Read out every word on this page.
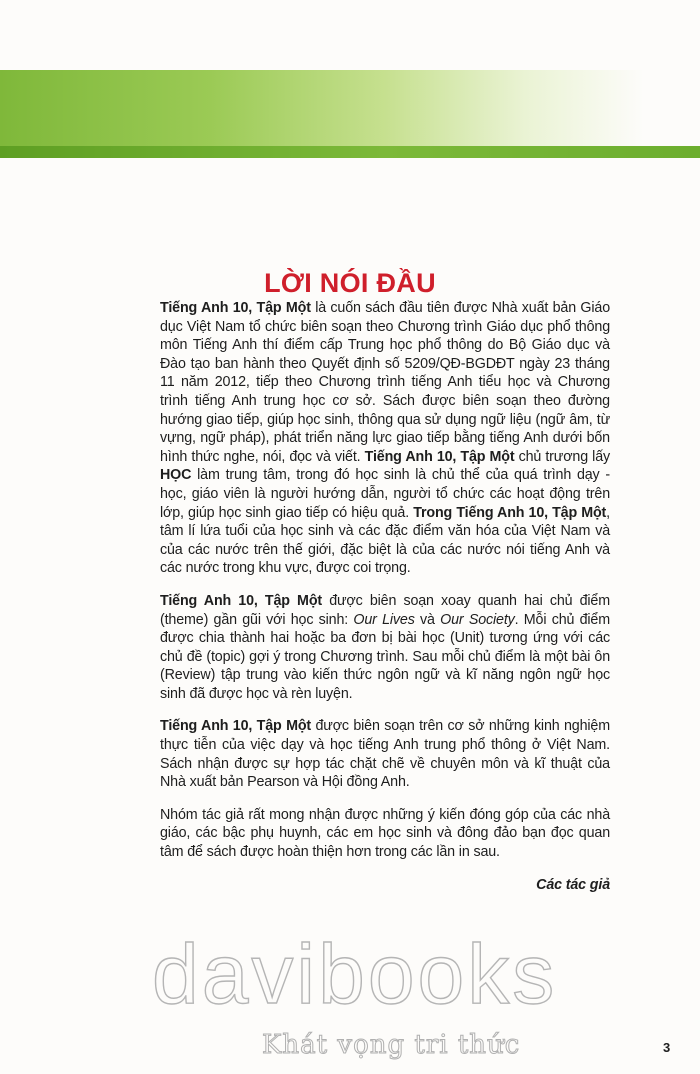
LỜI NÓI ĐẦU

Tiếng Anh 10, Tập Một là cuốn sách đầu tiên được Nhà xuất bản Giáo dục Việt Nam tổ chức biên soạn theo Chương trình Giáo dục phổ thông môn Tiếng Anh thí điểm cấp Trung học phổ thông do Bộ Giáo dục và Đào tạo ban hành theo Quyết định số 5209/QĐ-BGDĐT ngày 23 tháng 11 năm 2012, tiếp theo Chương trình tiếng Anh tiểu học và Chương trình tiếng Anh trung học cơ sở. Sách được biên soạn theo đường hướng giao tiếp, giúp học sinh, thông qua sử dụng ngữ liệu (ngữ âm, từ vựng, ngữ pháp), phát triển năng lực giao tiếp bằng tiếng Anh dưới bốn hình thức nghe, nói, đọc và viết. Tiếng Anh 10, Tập Một chủ trương lấy HỌC làm trung tâm, trong đó học sinh là chủ thể của quá trình dạy - học, giáo viên là người hướng dẫn, người tổ chức các hoạt động trên lớp, giúp học sinh giao tiếp có hiệu quả. Trong Tiếng Anh 10, Tập Một, tâm lí lứa tuổi của học sinh và các đặc điểm văn hóa của Việt Nam và của các nước trên thế giới, đặc biệt là của các nước nói tiếng Anh và các nước trong khu vực, được coi trọng.

Tiếng Anh 10, Tập Một được biên soạn xoay quanh hai chủ điểm (theme) gần gũi với học sinh: Our Lives và Our Society. Mỗi chủ điểm được chia thành hai hoặc ba đơn bị bài học (Unit) tương ứng với các chủ đề (topic) gợi ý trong Chương trình. Sau mỗi chủ điểm là một bài ôn (Review) tập trung vào kiến thức ngôn ngữ và kĩ năng ngôn ngữ học sinh đã được học và rèn luyện.

Tiếng Anh 10, Tập Một được biên soạn trên cơ sở những kinh nghiệm thực tiễn của việc dạy và học tiếng Anh trung phổ thông ở Việt Nam. Sách nhận được sự hợp tác chặt chẽ về chuyên môn và kĩ thuật của Nhà xuất bản Pearson và Hội đồng Anh.

Nhóm tác giả rất mong nhận được những ý kiến đóng góp của các nhà giáo, các bậc phụ huynh, các em học sinh và đông đảo bạn đọc quan tâm để sách được hoàn thiện hơn trong các lần in sau.

Các tác giả
davibooks
Khát vọng tri thức	3
